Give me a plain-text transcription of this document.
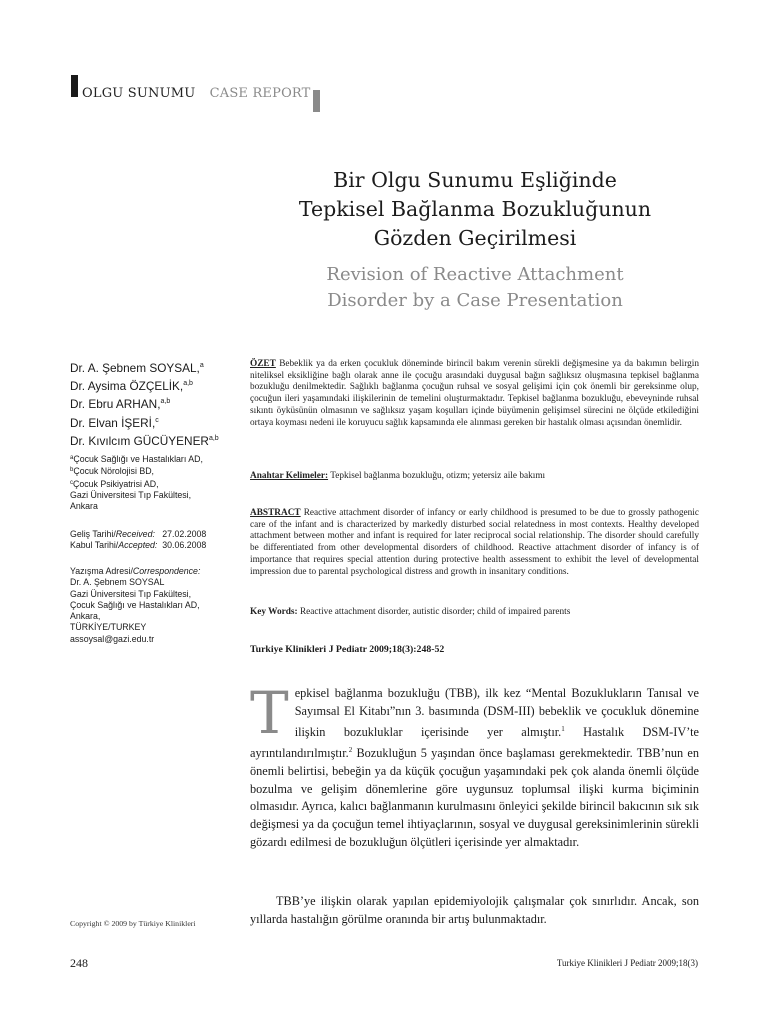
OLGU SUNUMU CASE REPORT
Bir Olgu Sunumu Eşliğinde
Tepkisel Bağlanma Bozukluğunun
Gözden Geçirilmesi
Revision of Reactive Attachment
Disorder by a Case Presentation
Dr. A. Şebnem SOYSAL,$^a$
Dr. Aysima ÖZÇELİK,$^{a,b}$
Dr. Ebru ARHAN,$^{a,b}$
Dr. Elvan İŞERİ,$^c$
Dr. Kıvılcım GÜCÜYENER$^{a,b}$
$^a$Çocuk Sağlığı ve Hastalıkları AD,
$^b$Çocuk Nörolojisi BD,
$^c$Çocuk Psikiyatrisi AD,
Gazi Üniversitesi Tıp Fakültesi,
Ankara
Geliş Tarihi/Received: 27.02.2008
Kabul Tarihi/Accepted: 30.06.2008
Yazışma Adresi/Correspondence:
Dr. A. Şebnem SOYSAL
Gazi Üniversitesi Tıp Fakültesi,
Çocuk Sağlığı ve Hastalıkları AD,
Ankara,
TÜRKİYE/TURKEY
assoysal@gazi.edu.tr
ÖZET Bebeklik ya da erken çocukluk döneminde birincil bakım verenin sürekli değişmesine ya da bakımın belirgin niteliksel eksikliğine bağlı olarak anne ile çocuğu arasındaki duygusal bağın sağlıksız oluşmasına tepkisel bağlanma bozukluğu denilmektedir. Sağlıklı bağlanma çocuğun ruhsal ve sosyal gelişimi için çok önemli bir gereksinme olup, çocuğun ileri yaşamındaki ilişkilerinin de temelini oluşturmaktadır. Tepkisel bağlanma bozukluğu, ebeveyninde ruhsal sıkıntı öyküsünün olmasının ve sağlıksız yaşam koşulları içinde büyümenin gelişimsel sürecini ne ölçüde etkilediğini ortaya koyması nedeni ile koruyucu sağlık kapsamında ele alınması gereken bir hastalık olması açısından önemlidir.
Anahtar Kelimeler: Tepkisel bağlanma bozukluğu, otizm; yetersiz aile bakımı
ABSTRACT Reactive attachment disorder of infancy or early childhood is presumed to be due to grossly pathogenic care of the infant and is characterized by markedly disturbed social relatedness in most contexts. Healthy developed attachment between mother and infant is required for later reciprocal social relationship. The disorder should carefully be differentiated from other developmental disorders of childhood. Reactive attachment disorder of infancy is of importance that requires special attention during protective health assessment to exhibit the level of developmental impression due to parental psychological distress and growth in insanitary conditions.
Key Words: Reactive attachment disorder, autistic disorder; child of impaired parents
Turkiye Klinikleri J Pediatr 2009;18(3):248-52
Tepkisel bağlanma bozukluğu (TBB), ilk kez “Mental Bozuklukların Tanısal ve Sayımsal El Kitabı”nın 3. basımında (DSM-III) bebeklik ve çocukluk dönemine ilişkin bozukluklar içerisinde yer almıştır.$^1$ Hastalık DSM-IV’te ayrıntılandırılmıştır.$^2$ Bozukluğun 5 yaşından önce başlaması gerekmektedir. TBB’nun en önemli belirtisi, bebeğin ya da küçük çocuğun yaşamındaki pek çok alanda önemli ölçüde bozulma ve gelişim dönemlerine göre uygunsuz toplumsal ilişki kurma biçiminin olmasıdır. Ayrıca, kalıcı bağlanmanın kurulmasını önleyici şekilde birincil bakıcının sık sık değişmesi ya da çocuğun temel ihtiyaçlarının, sosyal ve duygusal gereksinimlerinin sürekli gözardı edilmesi de bozukluğun ölçütleri içerisinde yer almaktadır.
TBB’ye ilişkin olarak yapılan epidemiyolojik çalışmalar çok sınırlıdır. Ancak, son yıllarda hastalığın görülme oranında bir artış bulunmaktadır.
Copyright © 2009 by Türkiye Klinikleri
248	Turkiye Klinikleri J Pediatr 2009;18(3)
